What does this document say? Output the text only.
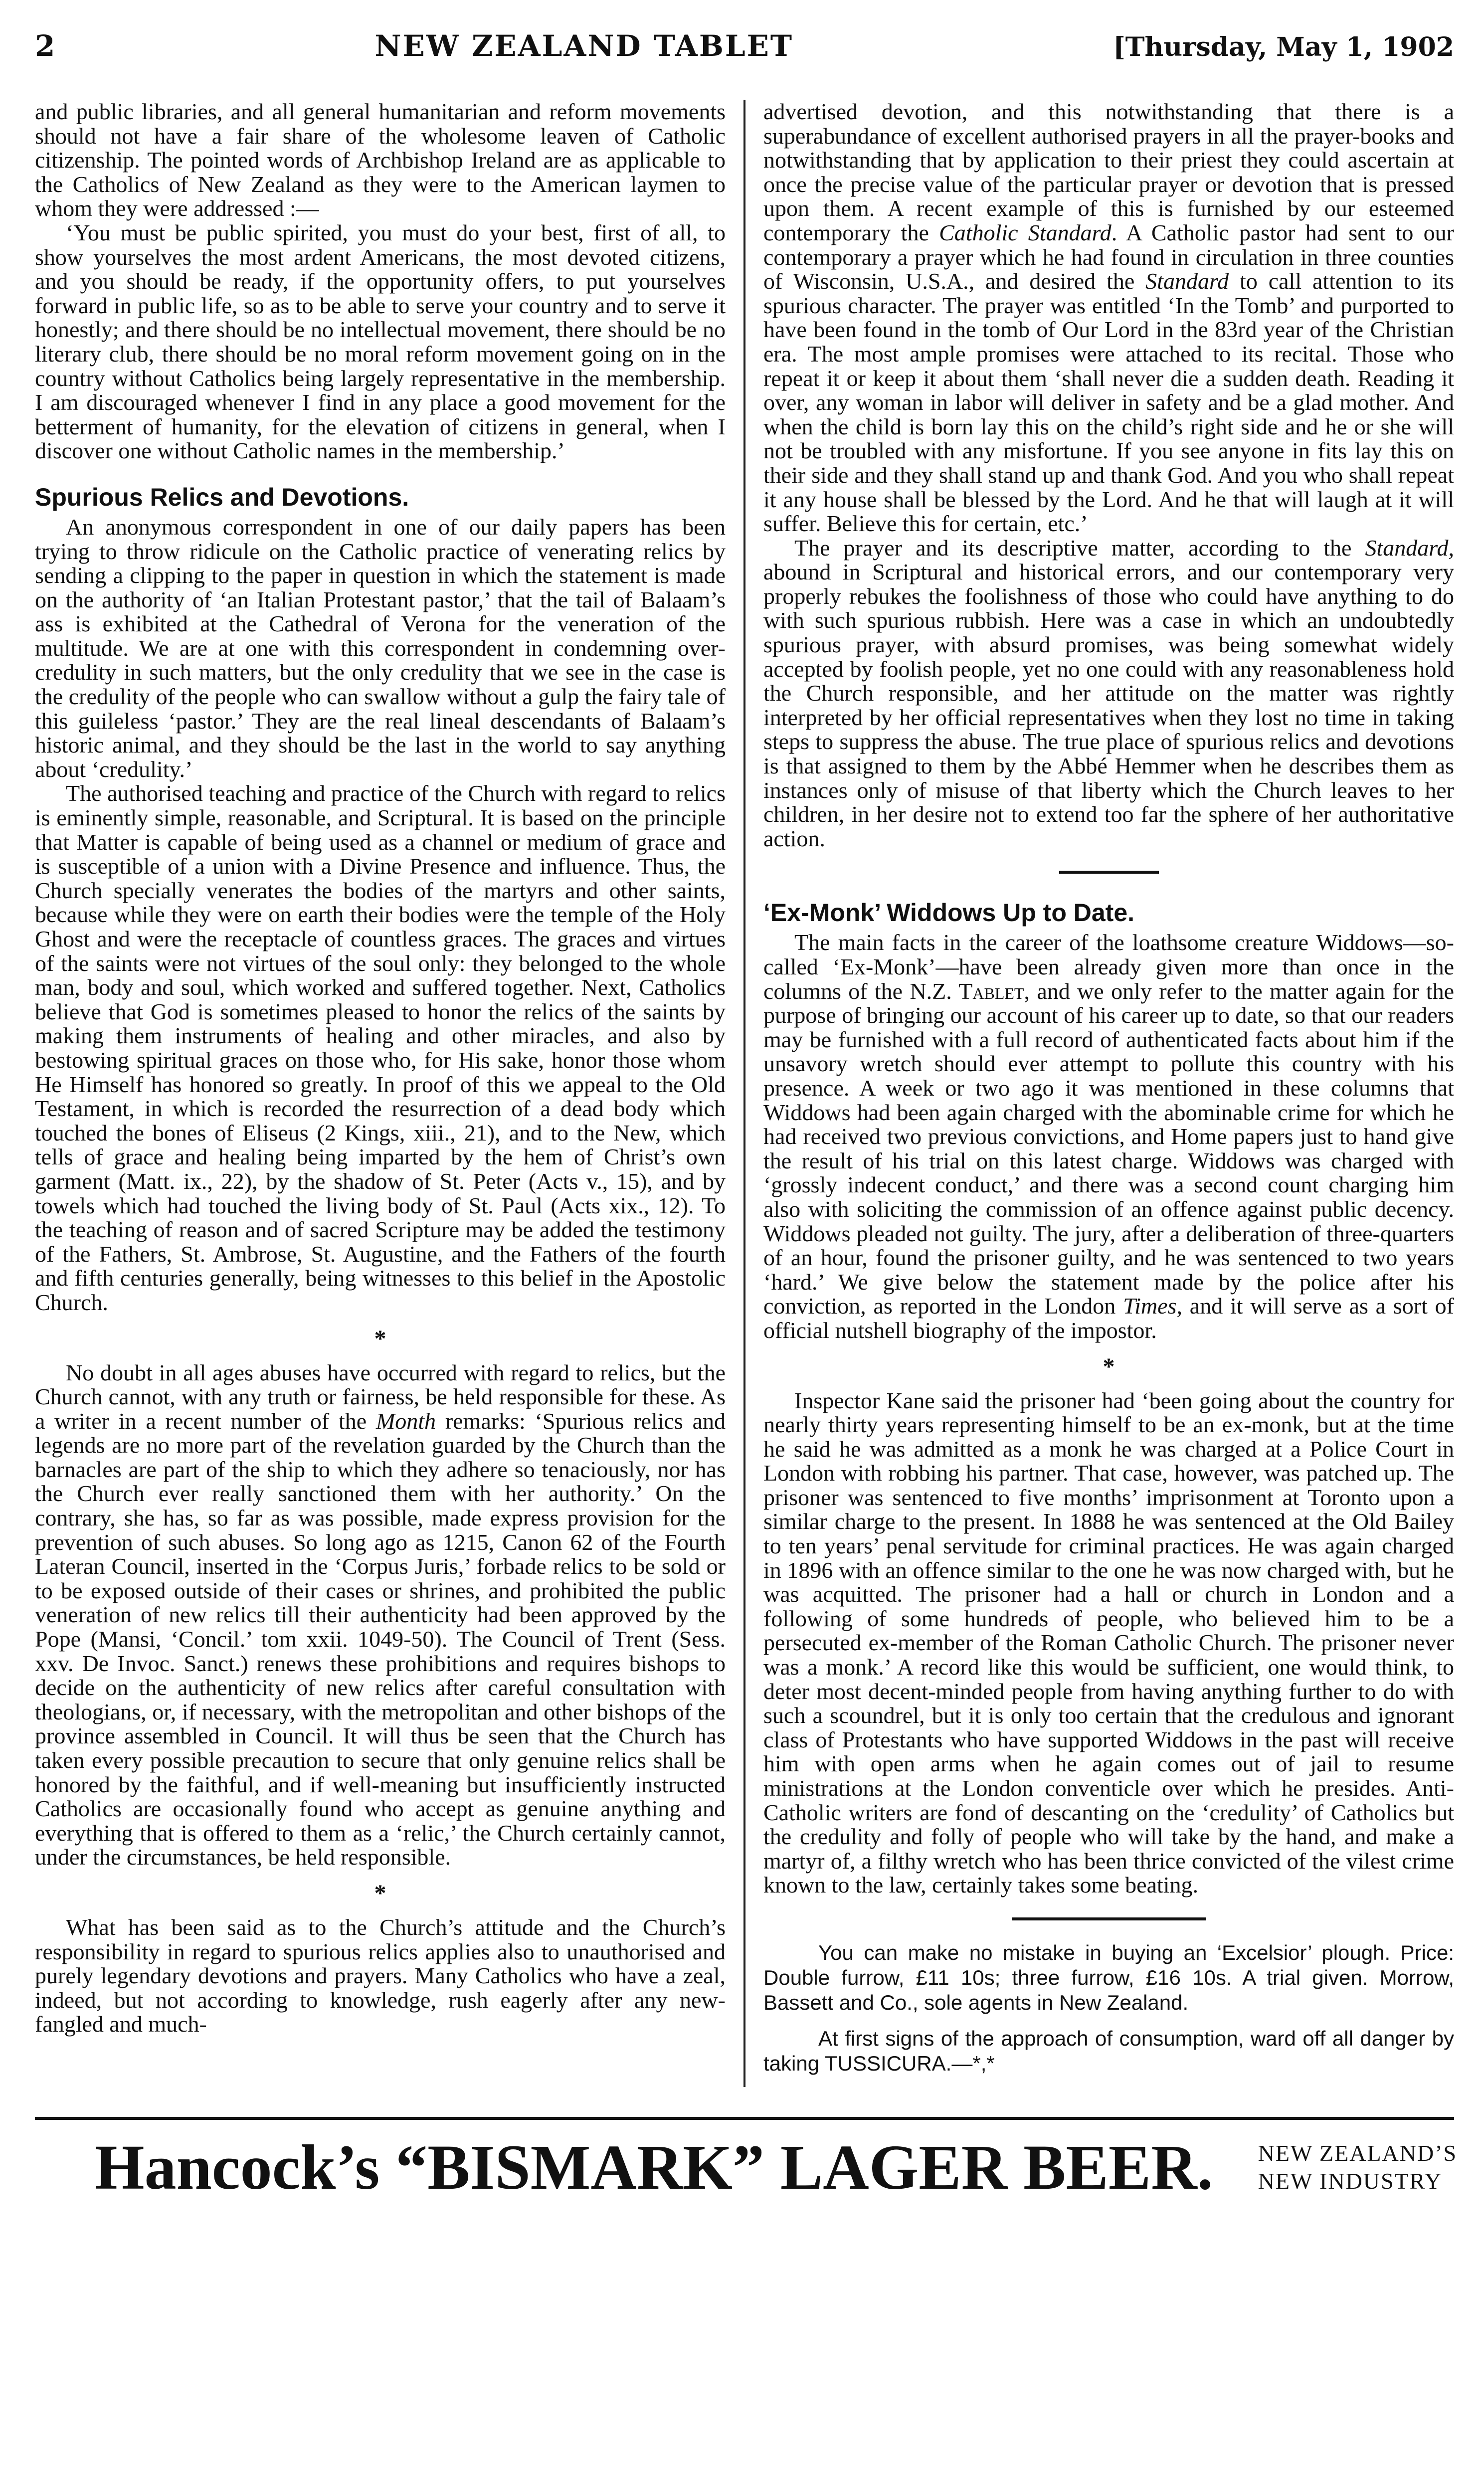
2	NEW ZEALAND TABLET	[Thursday, May 1, 1902

and public libraries, and all general humanitarian and reform movements should not have a fair share of the wholesome leaven of Catholic citizenship. The pointed words of Archbishop Ireland are as applicable to the Catholics of New Zealand as they were to the American laymen to whom they were addressed :—

‘You must be public spirited, you must do your best, first of all, to show yourselves the most ardent Americans, the most devoted citizens, and you should be ready, if the opportunity offers, to put yourselves forward in public life, so as to be able to serve your country and to serve it honestly; and there should be no intellectual movement, there should be no literary club, there should be no moral reform movement going on in the country without Catholics being largely representative in the membership. I am discouraged whenever I find in any place a good movement for the betterment of humanity, for the elevation of citizens in general, when I discover one without Catholic names in the membership.’

Spurious Relics and Devotions.

An anonymous correspondent in one of our daily papers has been trying to throw ridicule on the Catholic practice of venerating relics by sending a clipping to the paper in question in which the statement is made on the authority of ‘an Italian Protestant pastor,’ that the tail of Balaam’s ass is exhibited at the Cathedral of Verona for the veneration of the multitude. We are at one with this correspondent in condemning over-credulity in such matters, but the only credulity that we see in the case is the credulity of the people who can swallow without a gulp the fairy tale of this guileless ‘pastor.’ They are the real lineal descendants of Balaam’s historic animal, and they should be the last in the world to say anything about ‘credulity.’

The authorised teaching and practice of the Church with regard to relics is eminently simple, reasonable, and Scriptural. It is based on the principle that Matter is capable of being used as a channel or medium of grace and is susceptible of a union with a Divine Presence and influence. Thus, the Church specially venerates the bodies of the martyrs and other saints, because while they were on earth their bodies were the temple of the Holy Ghost and were the receptacle of countless graces. The graces and virtues of the saints were not virtues of the soul only: they belonged to the whole man, body and soul, which worked and suffered together. Next, Catholics believe that God is sometimes pleased to honor the relics of the saints by making them instruments of healing and other miracles, and also by bestowing spiritual graces on those who, for His sake, honor those whom He Himself has honored so greatly. In proof of this we appeal to the Old Testament, in which is recorded the resurrection of a dead body which touched the bones of Eliseus (2 Kings, xiii., 21), and to the New, which tells of grace and healing being imparted by the hem of Christ’s own garment (Matt. ix., 22), by the shadow of St. Peter (Acts v., 15), and by towels which had touched the living body of St. Paul (Acts xix., 12). To the teaching of reason and of sacred Scripture may be added the testimony of the Fathers, St. Ambrose, St. Augustine, and the Fathers of the fourth and fifth centuries generally, being witnesses to this belief in the Apostolic Church.

*

No doubt in all ages abuses have occurred with regard to relics, but the Church cannot, with any truth or fairness, be held responsible for these. As a writer in a recent number of the Month remarks: ‘Spurious relics and legends are no more part of the revelation guarded by the Church than the barnacles are part of the ship to which they adhere so tenaciously, nor has the Church ever really sanctioned them with her authority.’ On the contrary, she has, so far as was possible, made express provision for the prevention of such abuses. So long ago as 1215, Canon 62 of the Fourth Lateran Council, inserted in the ‘Corpus Juris,’ forbade relics to be sold or to be exposed outside of their cases or shrines, and prohibited the public veneration of new relics till their authenticity had been approved by the Pope (Mansi, ‘Concil.’ tom xxii. 1049-50). The Council of Trent (Sess. xxv. De Invoc. Sanct.) renews these prohibitions and requires bishops to decide on the authenticity of new relics after careful consultation with theologians, or, if necessary, with the metropolitan and other bishops of the province assembled in Council. It will thus be seen that the Church has taken every possible precaution to secure that only genuine relics shall be honored by the faithful, and if well-meaning but insufficiently instructed Catholics are occasionally found who accept as genuine anything and everything that is offered to them as a ‘relic,’ the Church certainly cannot, under the circumstances, be held responsible.

*

What has been said as to the Church’s attitude and the Church’s responsibility in regard to spurious relics applies also to unauthorised and purely legendary devotions and prayers. Many Catholics who have a zeal, indeed, but not according to knowledge, rush eagerly after any new-fangled and much-

advertised devotion, and this notwithstanding that there is a superabundance of excellent authorised prayers in all the prayer-books and notwithstanding that by application to their priest they could ascertain at once the precise value of the particular prayer or devotion that is pressed upon them. A recent example of this is furnished by our esteemed contemporary the Catholic Standard. A Catholic pastor had sent to our contemporary a prayer which he had found in circulation in three counties of Wisconsin, U.S.A., and desired the Standard to call attention to its spurious character. The prayer was entitled ‘In the Tomb’ and purported to have been found in the tomb of Our Lord in the 83rd year of the Christian era. The most ample promises were attached to its recital. Those who repeat it or keep it about them ‘shall never die a sudden death. Reading it over, any woman in labor will deliver in safety and be a glad mother. And when the child is born lay this on the child’s right side and he or she will not be troubled with any misfortune. If you see anyone in fits lay this on their side and they shall stand up and thank God. And you who shall repeat it any house shall be blessed by the Lord. And he that will laugh at it will suffer. Believe this for certain, etc.’

The prayer and its descriptive matter, according to the Standard, abound in Scriptural and historical errors, and our contemporary very properly rebukes the foolishness of those who could have anything to do with such spurious rubbish. Here was a case in which an undoubtedly spurious prayer, with absurd promises, was being somewhat widely accepted by foolish people, yet no one could with any reasonableness hold the Church responsible, and her attitude on the matter was rightly interpreted by her official representatives when they lost no time in taking steps to suppress the abuse. The true place of spurious relics and devotions is that assigned to them by the Abbé Hemmer when he describes them as instances only of misuse of that liberty which the Church leaves to her children, in her desire not to extend too far the sphere of her authoritative action.

‘Ex-Monk’ Widdows Up to Date.

The main facts in the career of the loathsome creature Widdows—so-called ‘Ex-Monk’—have been already given more than once in the columns of the N.Z. Tablet, and we only refer to the matter again for the purpose of bringing our account of his career up to date, so that our readers may be furnished with a full record of authenticated facts about him if the unsavory wretch should ever attempt to pollute this country with his presence. A week or two ago it was mentioned in these columns that Widdows had been again charged with the abominable crime for which he had received two previous convictions, and Home papers just to hand give the result of his trial on this latest charge. Widdows was charged with ‘grossly indecent conduct,’ and there was a second count charging him also with soliciting the commission of an offence against public decency. Widdows pleaded not guilty. The jury, after a deliberation of three-quarters of an hour, found the prisoner guilty, and he was sentenced to two years ‘hard.’ We give below the statement made by the police after his conviction, as reported in the London Times, and it will serve as a sort of official nutshell biography of the impostor.

*

Inspector Kane said the prisoner had ‘been going about the country for nearly thirty years representing himself to be an ex-monk, but at the time he said he was admitted as a monk he was charged at a Police Court in London with robbing his partner. That case, however, was patched up. The prisoner was sentenced to five months’ imprisonment at Toronto upon a similar charge to the present. In 1888 he was sentenced at the Old Bailey to ten years’ penal servitude for criminal practices. He was again charged in 1896 with an offence similar to the one he was now charged with, but he was acquitted. The prisoner had a hall or church in London and a following of some hundreds of people, who believed him to be a persecuted ex-member of the Roman Catholic Church. The prisoner never was a monk.’ A record like this would be sufficient, one would think, to deter most decent-minded people from having anything further to do with such a scoundrel, but it is only too certain that the credulous and ignorant class of Protestants who have supported Widdows in the past will receive him with open arms when he again comes out of jail to resume ministrations at the London conventicle over which he presides. Anti-Catholic writers are fond of descanting on the ‘credulity’ of Catholics but the credulity and folly of people who will take by the hand, and make a martyr of, a filthy wretch who has been thrice convicted of the vilest crime known to the law, certainly takes some beating.

You can make no mistake in buying an ‘Excelsior’ plough. Price: Double furrow, £11 10s; three furrow, £16 10s. A trial given. Morrow, Bassett and Co., sole agents in New Zealand.

At first signs of the approach of consumption, ward off all danger by taking TUSSICURA.—*,*

Hancock’s “BISMARK” LAGER BEER. NEW ZEALAND’S
NEW INDUSTRY
